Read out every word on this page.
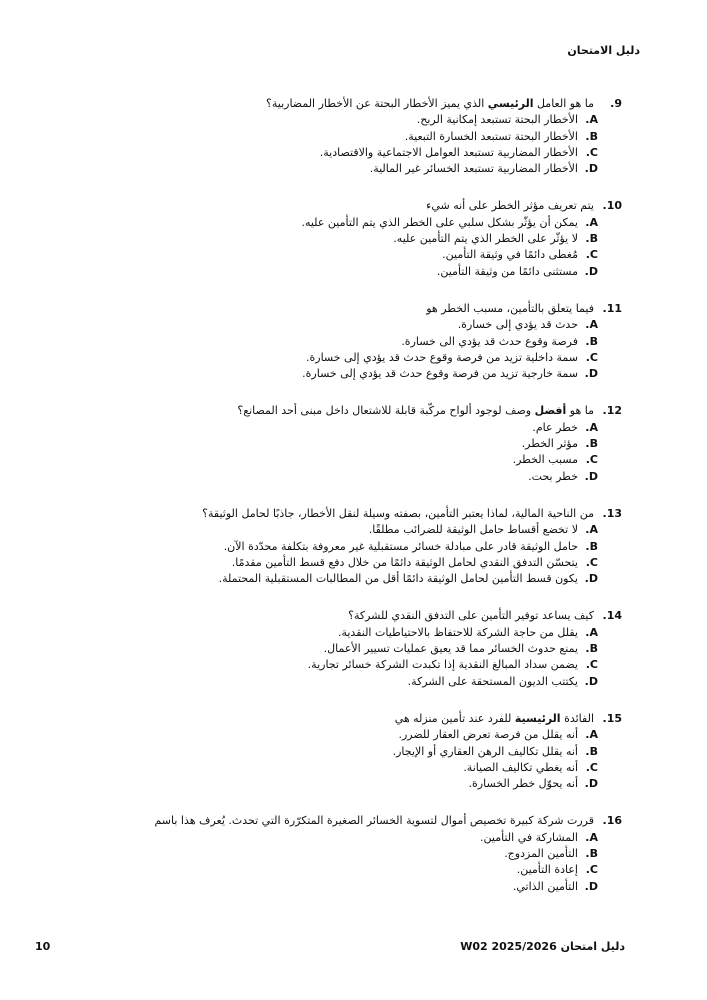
دليل الامتحان
9.
ما هو العامل الرئيسي الذي يميز الأخطار البحتة عن الأخطار المضاربية؟
A.
الأخطار البحتة تستبعد إمكانية الربح.
B.
الأخطار البحتة تستبعد الخسارة التبعية.
C.
الأخطار المضاربية تستبعد العوامل الاجتماعية والاقتصادية.
D.
الأخطار المضاربية تستبعد الخسائر غير المالية.
10.
يتم تعريف مؤثر الخطر على أنه شيء
A.
يمكن أن يؤثّر بشكل سلبي على الخطر الذي يتم التأمين عليه.
B.
لا يؤثّر على الخطر الذي يتم التأمين عليه.
C.
مُغطى دائمًا في وثيقة التأمين.
D.
مستثنى دائمًا من وثيقة التأمين.
11.
فيما يتعلق بالتأمين، مسبب الخطر هو
A.
حدث قد يؤدي إلى خسارة.
B.
فرصة وقوع حدث قد يؤدي الى خسارة.
C.
سمة داخلية تزيد من فرصة وقوع حدث قد يؤدي إلى خسارة.
D.
سمة خارجية تزيد من فرصة وقوع حدث قد يؤدي إلى خسارة.
12.
ما هو أفضل وصف لوجود ألواح مركّبة قابلة للاشتعال داخل مبنى أحد المصانع؟
A.
خطر عام.
B.
مؤثر الخطر.
C.
مسبب الخطر.
D.
خطر بحت.
13.
من الناحية المالية، لماذا يعتبر التأمين، بصفته وسيلة لنقل الأخطار، جاذبًا لحامل الوثيقة؟
A.
لا تخضع أقساط حامل الوثيقة للضرائب مطلقًا.
B.
حامل الوثيقة قادر على مبادلة خسائر مستقبلية غير معروفة بتكلفة محدّدة الآن.
C.
يتحسّن التدفق النقدي لحامل الوثيقة دائمًا من خلال دفع قسط التأمين مقدمًا.
D.
يكون قسط التأمين لحامل الوثيقة دائمًا أقل من المطالبات المستقبلية المحتملة.
14.
كيف يساعد توفير التأمين على التدفق النقدي للشركة؟
A.
يقلل من حاجة الشركة للاحتفاظ بالاحتياطيات النقدية.
B.
يمنع حدوث الخسائر مما قد يعيق عمليات تسيير الأعمال.
C.
يضمن سداد المبالغ النقدية إذا تكبدت الشركة خسائر تجارية.
D.
يكتتب الديون المستحقة على الشركة.
15.
الفائدة الرئيسية للفرد عند تأمين منزله هي
A.
أنه يقلل من فرصة تعرض العقار للضرر.
B.
أنه يقلل تكاليف الرهن العقاري أو الإيجار.
C.
أنه يغطي تكاليف الصيانة.
D.
أنه يحوّل خطر الخسارة.
16.
قررت شركة كبيرة تخصيص أموال لتسوية الخسائر الصغيرة المتكرّرة التي تحدث. يُعرف هذا باسم
A.
المشاركة في التأمين.
B.
التأمين المزدوج.
C.
إعادة التأمين.
D.
التأمين الذاتي.
دليل امتحان 2025/2026 W02
10
